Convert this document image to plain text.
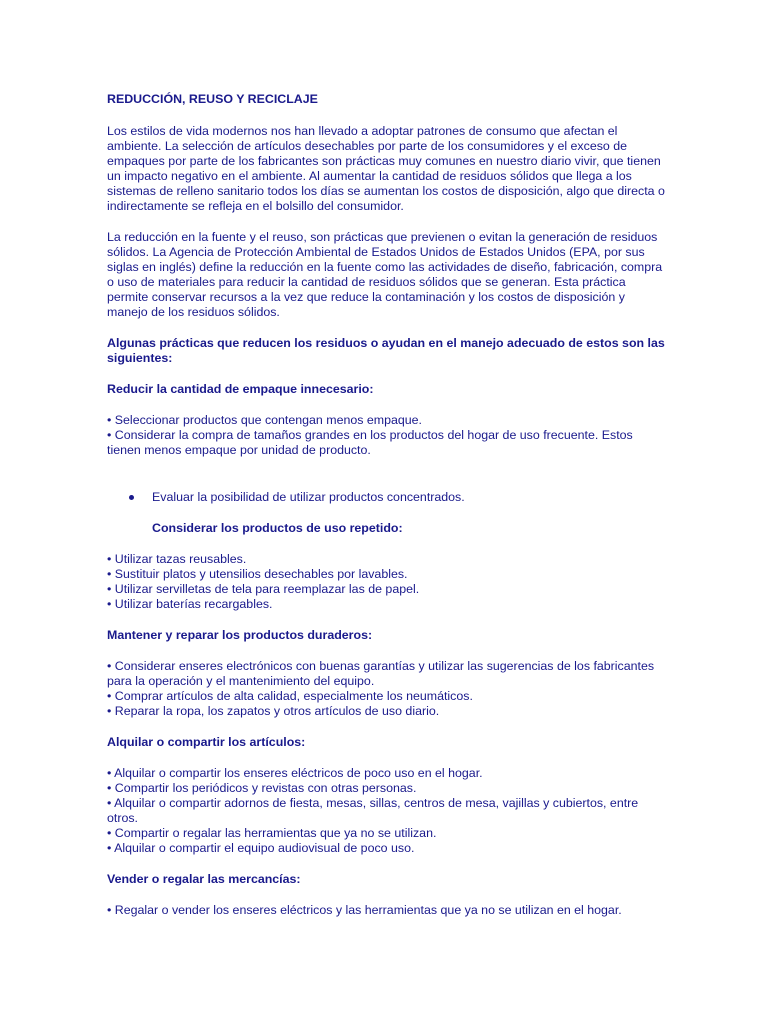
REDUCCIÓN, REUSO Y RECICLAJE

Los estilos de vida modernos nos han llevado a adoptar patrones de consumo que afectan el ambiente. La selección de artículos desechables por parte de los consumidores y el exceso de empaques por parte de los fabricantes son prácticas muy comunes en nuestro diario vivir, que tienen un impacto negativo en el ambiente. Al aumentar la cantidad de residuos sólidos que llega a los sistemas de relleno sanitario todos los días se aumentan los costos de disposición, algo que directa o indirectamente se refleja en el bolsillo del consumidor.

La reducción en la fuente y el reuso, son prácticas que previenen o evitan la generación de residuos sólidos. La Agencia de Protección Ambiental de Estados Unidos de Estados Unidos (EPA, por sus siglas en inglés) define la reducción en la fuente como las actividades de diseño, fabricación, compra o uso de materiales para reducir la cantidad de residuos sólidos que se generan. Esta práctica permite conservar recursos a la vez que reduce la contaminación y los costos de disposición y manejo de los residuos sólidos.

Algunas prácticas que reducen los residuos o ayudan en el manejo adecuado de estos son las siguientes:

Reducir la cantidad de empaque innecesario:

• Seleccionar productos que contengan menos empaque.
• Considerar la compra de tamaños grandes en los productos del hogar de uso frecuente. Estos tienen menos empaque por unidad de producto.
Evaluar la posibilidad de utilizar productos concentrados.
Considerar los productos de uso repetido:
• Utilizar tazas reusables.
• Sustituir platos y utensilios desechables por lavables.
• Utilizar servilletas de tela para reemplazar las de papel.
• Utilizar baterías recargables.

Mantener y reparar los productos duraderos:

• Considerar enseres electrónicos con buenas garantías y utilizar las sugerencias de los fabricantes para la operación y el mantenimiento del equipo.
• Comprar artículos de alta calidad, especialmente los neumáticos.
• Reparar la ropa, los zapatos y otros artículos de uso diario.

Alquilar o compartir los artículos:

• Alquilar o compartir los enseres eléctricos de poco uso en el hogar.
• Compartir los periódicos y revistas con otras personas.
• Alquilar o compartir adornos de fiesta, mesas, sillas, centros de mesa, vajillas y cubiertos, entre otros.
• Compartir o regalar las herramientas que ya no se utilizan.
• Alquilar o compartir el equipo audiovisual de poco uso.

Vender o regalar las mercancías:

• Regalar o vender los enseres eléctricos y las herramientas que ya no se utilizan en el hogar.
